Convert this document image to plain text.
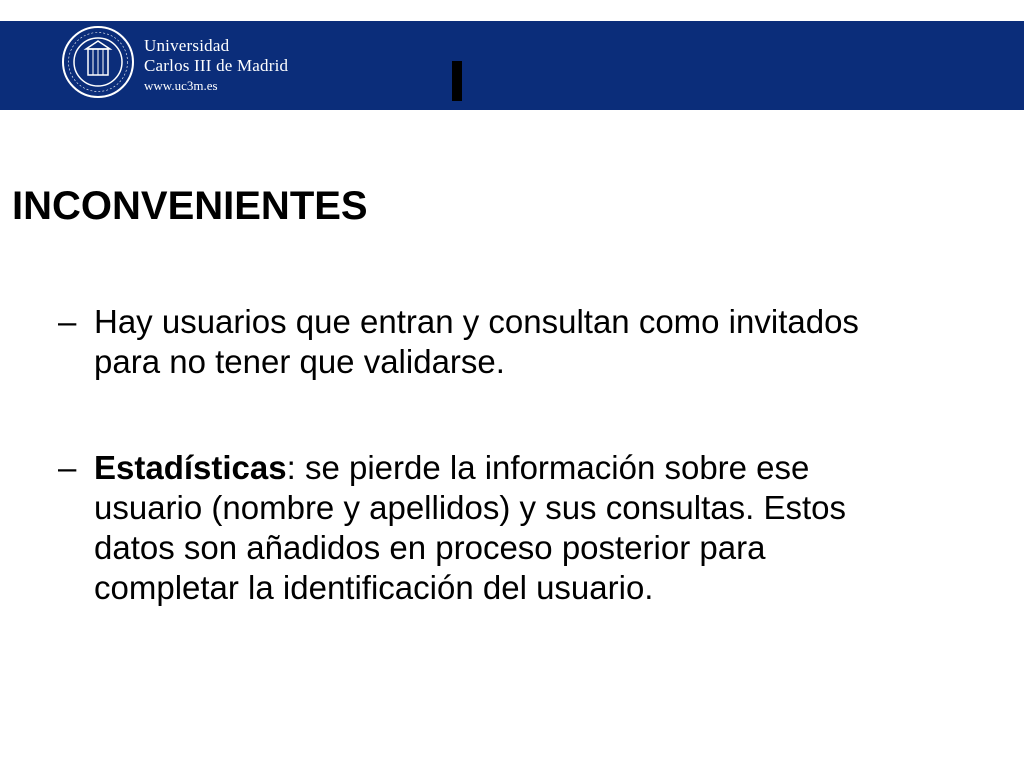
Universidad
Carlos III de Madrid
www.uc3m.es
INCONVENIENTES
– Hay usuarios que entran y consultan como invitados para no tener que validarse.
– Estadísticas: se pierde la información sobre ese usuario (nombre y apellidos) y sus consultas. Estos datos son añadidos en proceso posterior para completar la identificación del usuario.
